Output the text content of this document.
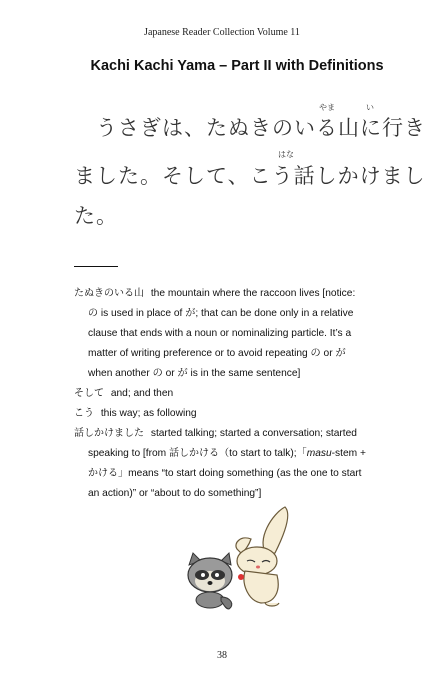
Japanese Reader Collection Volume 11
Kachi Kachi Yama – Part II with Definitions
やま	い
うさぎは、たぬきのいる山に行き
はな
ました。そして、こう話しかけまし
た。
たぬきのいる山 the mountain where the raccoon lives [notice:
の is used in place of が; that can be done only in a relative
clause that ends with a noun or nominalizing particle. It’s a
matter of writing preference or to avoid repeating の or が
when another の or が is in the same sentence]
そして and; and then
こう this way; as following
話しかけました started talking; started a conversation; started
speaking to [from 話しかける（to start to talk);「masu-stem +
かける」means “to start doing something (as the one to start
an action)” or “about to do something”]
38
